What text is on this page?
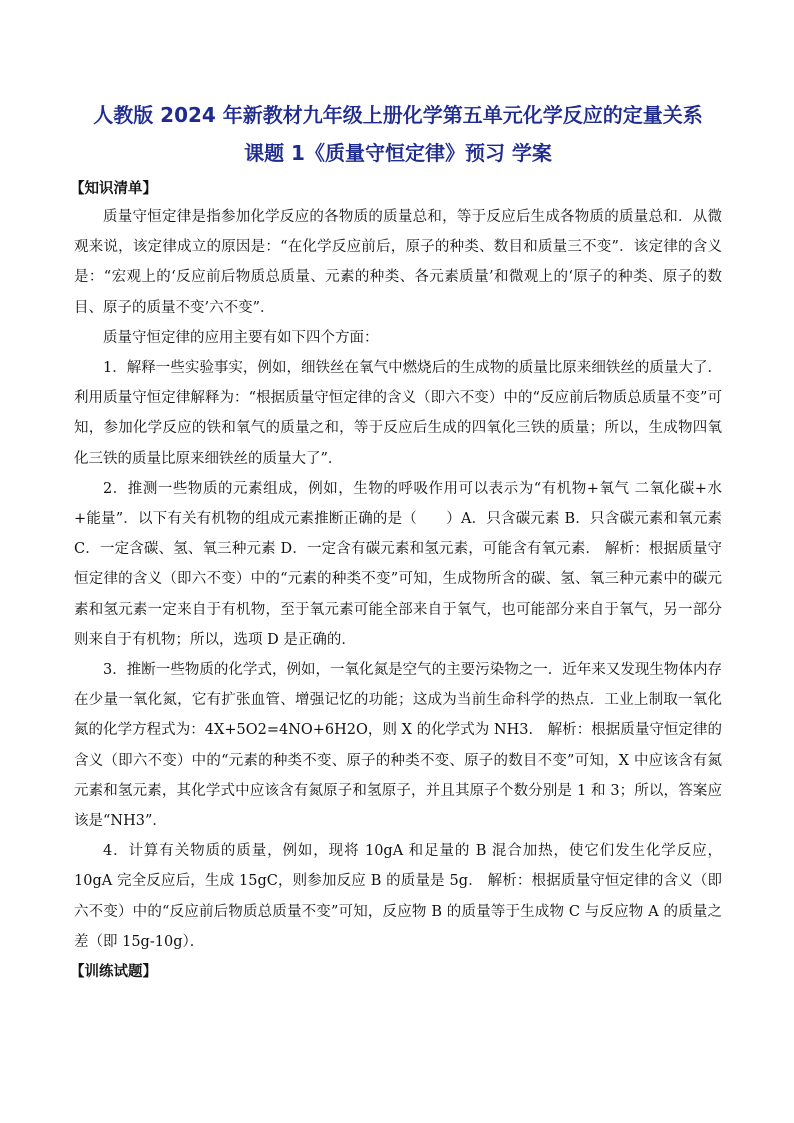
人教版 2024 年新教材九年级上册化学第五单元化学反应的定量关系
课题 1《质量守恒定律》预习 学案
【知识清单】

质量守恒定律是指参加化学反应的各物质的质量总和，等于反应后生成各物质的质量总和．从微观来说，该定律成立的原因是：“在化学反应前后，原子的种类、数目和质量三不变”．该定律的含义是：“宏观上的‘反应前后物质总质量、元素的种类、各元素质量’和微观上的‘原子的种类、原子的数目、原子的质量不变’六不变”．

质量守恒定律的应用主要有如下四个方面：

1．解释一些实验事实，例如，细铁丝在氧气中燃烧后的生成物的质量比原来细铁丝的质量大了．利用质量守恒定律解释为：“根据质量守恒定律的含义（即六不变）中的“反应前后物质总质量不变”可知，参加化学反应的铁和氧气的质量之和，等于反应后生成的四氧化三铁的质量；所以，生成物四氧化三铁的质量比原来细铁丝的质量大了”．

2．推测一些物质的元素组成，例如，生物的呼吸作用可以表示为“有机物+氧气 二氧化碳+水+能量”．以下有关有机物的组成元素推断正确的是（　　）A．只含碳元素 B．只含碳元素和氧元素 C．一定含碳、氢、氧三种元素 D．一定含有碳元素和氢元素，可能含有氧元素． 解析：根据质量守恒定律的含义（即六不变）中的“元素的种类不变”可知，生成物所含的碳、氢、氧三种元素中的碳元素和氢元素一定来自于有机物，至于氧元素可能全部来自于氧气，也可能部分来自于氧气，另一部分则来自于有机物；所以，选项 D 是正确的．

3．推断一些物质的化学式，例如，一氧化氮是空气的主要污染物之一．近年来又发现生物体内存在少量一氧化氮，它有扩张血管、增强记忆的功能；这成为当前生命科学的热点．工业上制取一氧化氮的化学方程式为：4X+5O2=4NO+6H2O，则 X 的化学式为 NH3． 解析：根据质量守恒定律的含义（即六不变）中的“元素的种类不变、原子的种类不变、原子的数目不变”可知，X 中应该含有氮元素和氢元素，其化学式中应该含有氮原子和氢原子，并且其原子个数分别是 1 和 3；所以，答案应该是“NH3”．

4．计算有关物质的质量，例如，现将 10gA 和足量的 B 混合加热，使它们发生化学反应，10gA 完全反应后，生成 15gC，则参加反应 B 的质量是 5g． 解析：根据质量守恒定律的含义（即六不变）中的“反应前后物质总质量不变”可知，反应物 B 的质量等于生成物 C 与反应物 A 的质量之差（即 15g-10g）．

【训练试题】
